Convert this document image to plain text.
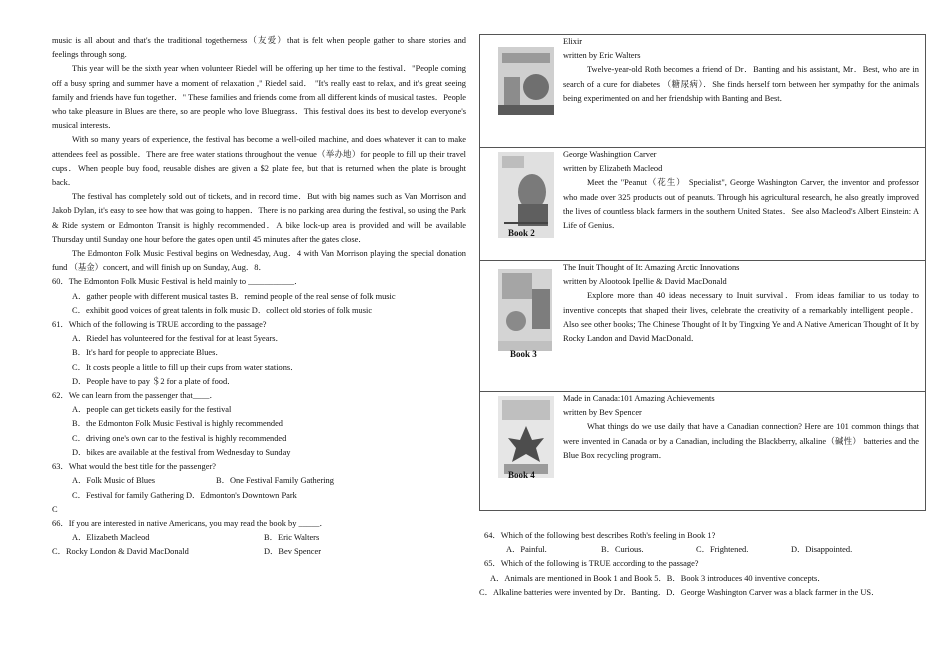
music is all about and that's the traditional togetherness（友爱）that is felt when people gather to share stories and feelings through song.

This year will be the sixth year when volunteer Riedel will be offering up her time to the festival．"People coming off a busy spring and summer have a moment of relaxation ," Riedel said． "It's really east to relax, and it's great seeing family and friends have fun together．" These families and friends come from all different kinds of musical tastes．People who take pleasure in Blues are there, so are people who love Bluegrass．This festival does its best to develop everyone's musical interests．

With so many years of experience, the festival has become a well-oiled machine, and does whatever it can to make attendees feel as possible．There are free water stations throughout the venue（举办地）for people to fill up their travel cups．When people buy food, reusable dishes are given a $2 plate fee, but that is returned when the plate is brought back．

The festival has completely sold out of tickets, and in record time．But with big names such as Van Morrison and Jakob Dylan, it's easy to see how that was going to happen．There is no parking area during the festival, so using the Park & Ride system or Edmonton Transit is highly recommended．A bike lock-up area is provided and will be available Thursday until Sunday one hour before the gates open until 45 minutes after the gates close．

The Edmonton Folk Music Festival begins on Wednesday, Aug．4 with Van Morrison playing the special donation fund （基金）concert, and will finish up on Sunday, Aug．8．

60．The Edmonton Folk Music Festival is held mainly to ___________．

A．gather people with different musical tastes B．remind people of the real sense of folk music

C．exhibit good voices of great talents in folk music D．collect old stories of folk music

61．Which of the following is TRUE according to the passage?

A．Riedel has volunteered for the festival for at least 5years．

B．It's hard for people to appreciate Blues．

C．It costs people a little to fill up their cups from water stations．

D．People have to pay ＄2 for a plate of food．

62．We can learn from the passenger that____．

A．people can get tickets easily for the festival

B．the Edmonton Folk Music Festival is highly recommended

C．driving one's own car to the festival is highly recommended

D．bikes are available at the festival from Wednesday to Sunday

63．What would the best title for the passenger?

A．Folk Music of Blues	B．One Festival Family Gathering

C．Festival for family Gathering D．Edmonton's Downtown Park

C

66．If you are interested in native Americans, you may read the book by _____．

A．Elizabeth Macleod	B．Eric Walters

C．Rocky London & David MacDonald	D．Bev Spencer

Elixir

written by Eric Walters

Twelve-year-old Roth becomes a friend of Dr．Banting and his assistant, Mr．Best, who are in search of a cure for diabetes （糖尿病）．She finds herself torn between her sympathy for the animals being experimented on and her friendship with Banting and Best．

Book 2

George Washingtion Carver

written by Elizabeth Macleod

Meet the "Peanut（花生） Specialist", George Washington Carver, the inventor and professor who made over 325 products out of peanuts. Through his agricultural research, he also greatly improved the lives of countless black farmers in the southern United States．See also Macleod's Albert Einstein: A Life of Genius．

Book 3

The Inuit Thought of It: Amazing Arctic Innovations

written by Alootook Ipellie & David MacDonald

Explore more than 40 ideas necessary to Inuit survival．From ideas familiar to us today to inventive concepts that shaped their lives, celebrate the creativity of a remarkably intelligent people．Also see other books; The Chinese Thought of It by Tingxing Ye and A Native American Thought of It by Rocky Landon and David MacDonald．

Book 4

Made in Canada:101 Amazing Achievements

written by Bev Spencer

What things do we use daily that have a Canadian connection? Here are 101 common things that were invented in Canada or by a Canadian, including the Blackberry, alkaline（碱性） batteries and the Blue Box recycling program．

64．Which of the following best describes Roth's feeling in Book 1?

A．Painful.	B．Curious.	C．Frightened.	D．Disappointed.

65．Which of the following is TRUE according to the passage?

A．Animals are mentioned in Book 1 and Book 5．B．Book 3 introduces 40 inventive concepts．

C．Alkaline batteries were invented by Dr．Banting．D．George Washington Carver was a black farmer in the US．
